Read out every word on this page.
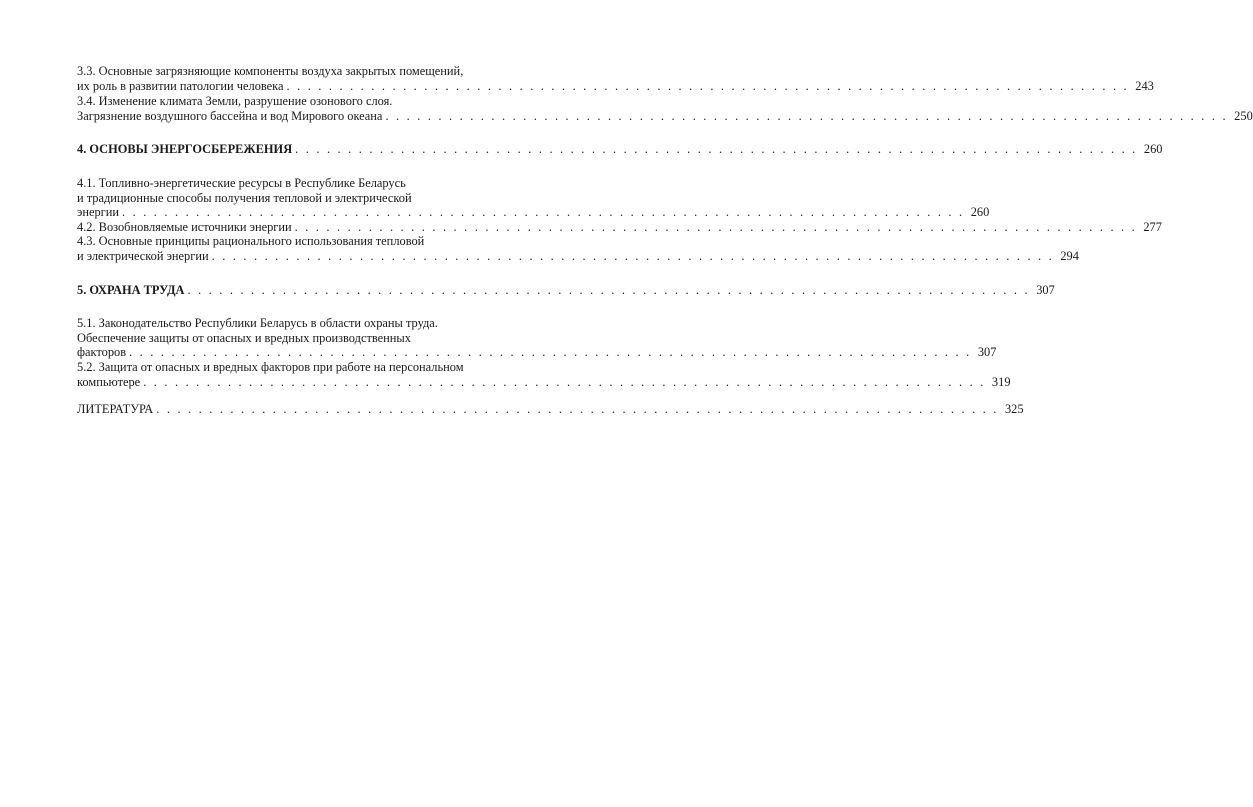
3.3. Основные загрязняющие компоненты воздуха закрытых помещений,
их роль в развитии патологии человека . . . . . . . . . . . . . . . . . . . . . . . . . . . . . . . . . . . . . . . . . . . . . . . . . . . . . . . . . . . . . . . . . . . . . . . . . . . . . . . . 243
3.4. Изменение климата Земли, разрушение озонового слоя.
Загрязнение воздушного бассейна и вод Мирового океана . . . . . . . . . . . . . . . . . . . . . . . . . . . . . . . . . . . . . . . . . . . . . . . . . . . . . . . . . . . . . . . . . . . . . . . . . . . . . . . . 250
4. ОСНОВЫ ЭНЕРГОСБЕРЕЖЕНИЯ . . . . . . . . . . . . . . . . . . . . . . . . . . . . . . . . . . . . . . . . . . . . . . . . . . . . . . . . . . . . . . . . . . . . . . . . . . . . . . . . 260
4.1. Топливно-энергетические ресурсы в Республике Беларусь
и традиционные способы получения тепловой и электрической
энергии . . . . . . . . . . . . . . . . . . . . . . . . . . . . . . . . . . . . . . . . . . . . . . . . . . . . . . . . . . . . . . . . . . . . . . . . . . . . . . . . 260
4.2. Возобновляемые источники энергии . . . . . . . . . . . . . . . . . . . . . . . . . . . . . . . . . . . . . . . . . . . . . . . . . . . . . . . . . . . . . . . . . . . . . . . . . . . . . . . . 277
4.3. Основные принципы рационального использования тепловой
и электрической энергии . . . . . . . . . . . . . . . . . . . . . . . . . . . . . . . . . . . . . . . . . . . . . . . . . . . . . . . . . . . . . . . . . . . . . . . . . . . . . . . . 294
5. ОХРАНА ТРУДА . . . . . . . . . . . . . . . . . . . . . . . . . . . . . . . . . . . . . . . . . . . . . . . . . . . . . . . . . . . . . . . . . . . . . . . . . . . . . . . . 307
5.1. Законодательство Республики Беларусь в области охраны труда.
Обеспечение защиты от опасных и вредных производственных
факторов . . . . . . . . . . . . . . . . . . . . . . . . . . . . . . . . . . . . . . . . . . . . . . . . . . . . . . . . . . . . . . . . . . . . . . . . . . . . . . . . 307
5.2. Защита от опасных и вредных факторов при работе на персональном
компьютере . . . . . . . . . . . . . . . . . . . . . . . . . . . . . . . . . . . . . . . . . . . . . . . . . . . . . . . . . . . . . . . . . . . . . . . . . . . . . . . . 319
ЛИТЕРАТУРА . . . . . . . . . . . . . . . . . . . . . . . . . . . . . . . . . . . . . . . . . . . . . . . . . . . . . . . . . . . . . . . . . . . . . . . . . . . . . . . . 325
